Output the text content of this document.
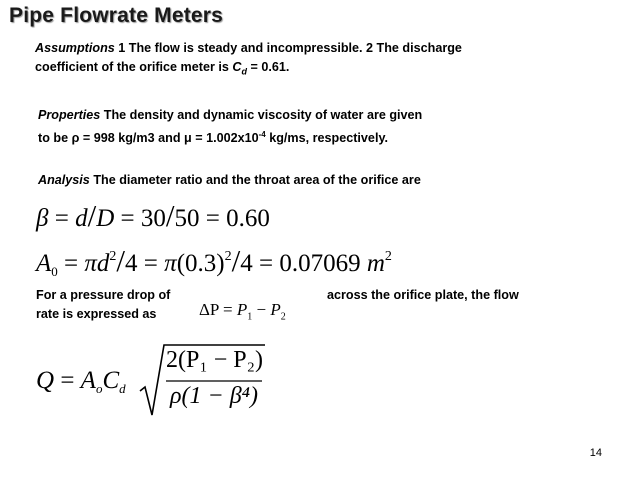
Pipe Flowrate Meters
Assumptions 1 The flow is steady and incompressible. 2 The discharge
coefficient of the orifice meter is $C_d = 0.61$.
Properties The density and dynamic viscosity of water are given
to be ρ = 998 kg/m3 and $\mu = 1.002x10^{-4}$ kg/ms, respectively.
Analysis The diameter ratio and the throat area of the orifice are
β = d/D = 30/50 = 0.60
$A_0 = \pi d^2/4 = \pi(0.3)^2/4 = 0.07069$ $m^2$
For a pressure drop of	across the orifice plate, the flow
rate is expressed as	$\Delta P = P_1 - P_2$
$Q = A_oC_d$
2(P₁ − P₂)
ρ(1 − β⁴)
14
